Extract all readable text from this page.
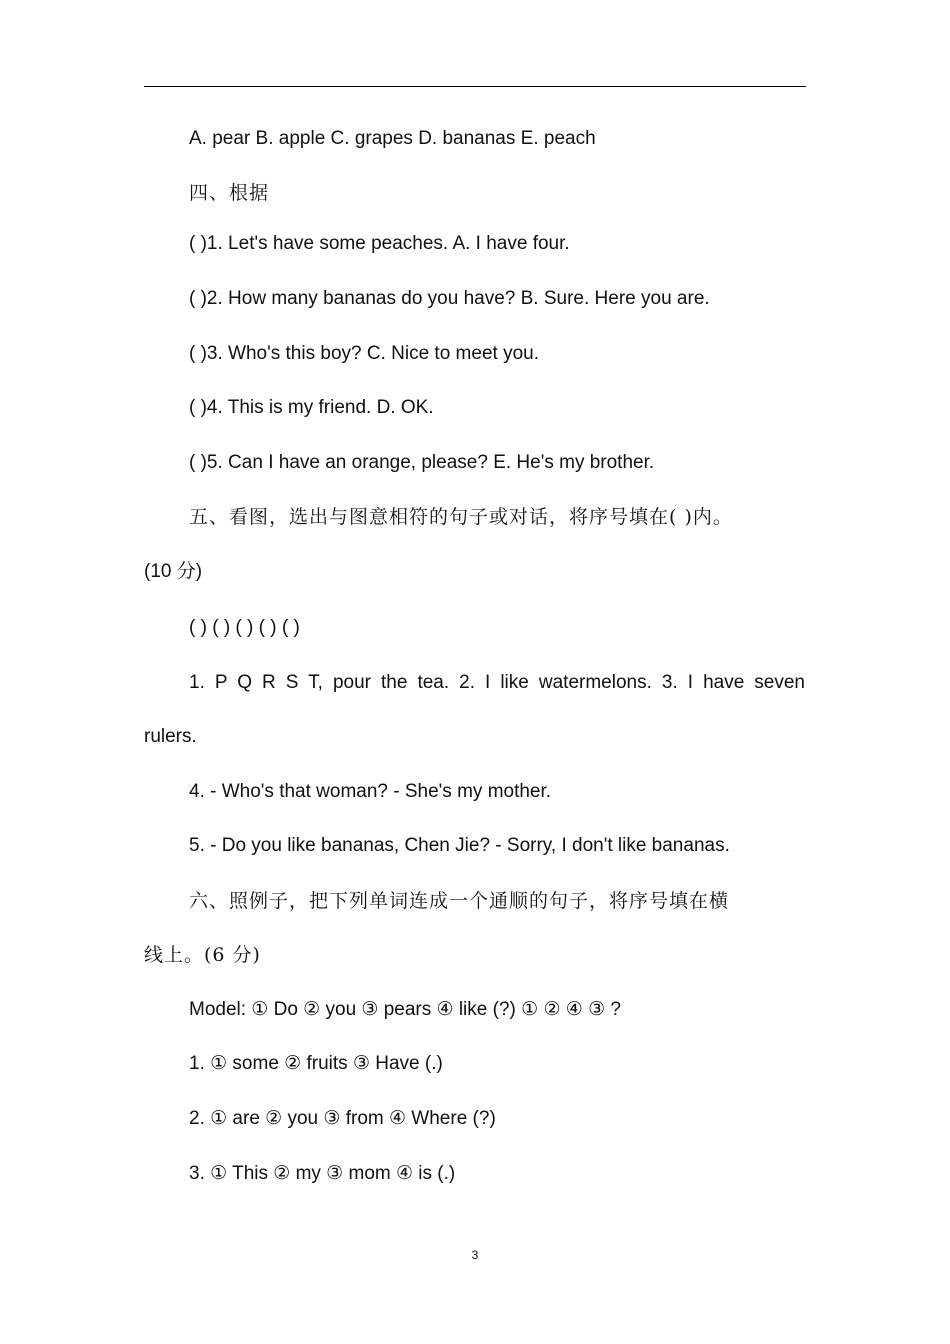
A. pear B. apple C. grapes D. bananas E. peach
四、根据
( )1. Let's have some peaches. A. I have four.
( )2. How many bananas do you have? B. Sure. Here you are.
( )3. Who's this boy? C. Nice to meet you.
( )4. This is my friend. D. OK.
( )5. Can I have an orange, please? E. He's my brother.
五、看图，选出与图意相符的句子或对话，将序号填在( )内。
(10 分)
( ) ( ) ( ) ( ) ( )
1. P Q R S T, pour the tea. 2. I like watermelons. 3. I have seven
rulers.
4. - Who's that woman? - She's my mother.
5. - Do you like bananas, Chen Jie? - Sorry, I don't like bananas.
六、照例子，把下列单词连成一个通顺的句子，将序号填在横
线上。(6 分)
Model: ① Do ② you ③ pears ④ like (?) ① ② ④ ③ ?
1. ① some ② fruits ③ Have (.)
2. ① are ② you ③ from ④ Where (?)
3. ① This ② my ③ mom ④ is (.)
3
